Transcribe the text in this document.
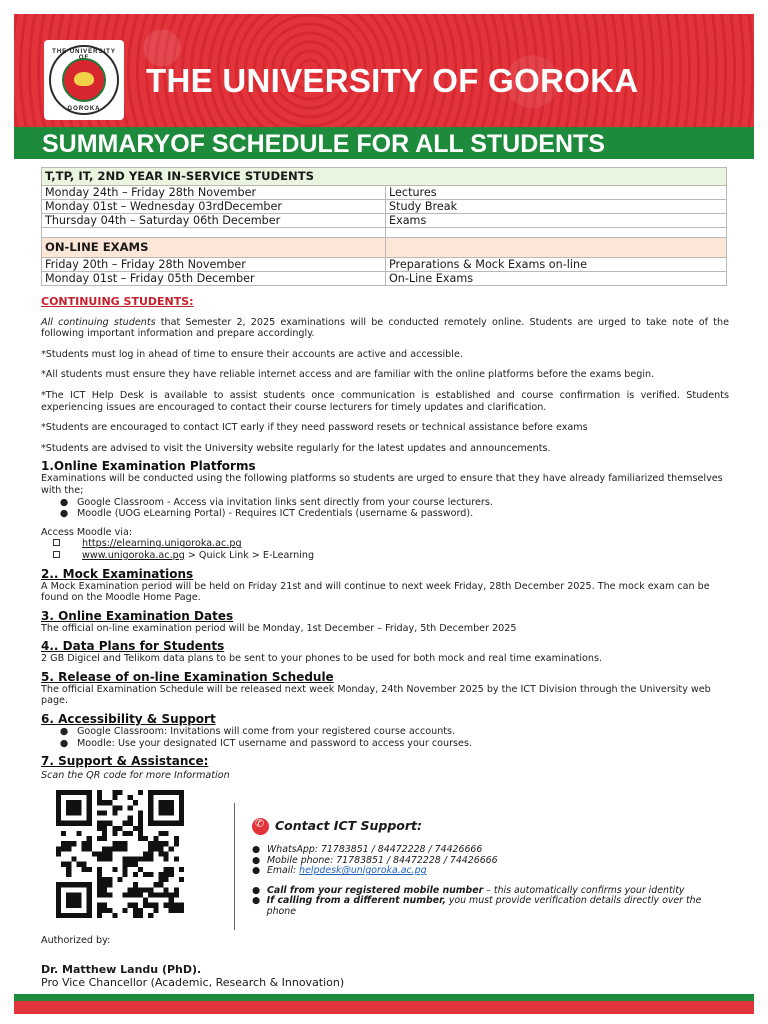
THE UNIVERSITY
GOROKA
THE UNIVERSITY OF GOROKA
SUMMARYOF SCHEDULE FOR ALL STUDENTS
T,TP, IT, 2ND YEAR IN-SERVICE STUDENTS	
Monday 24th – Friday 28th November	Lectures
Monday 01st – Wednesday 03rdDecember	Study Break
Thursday 04th – Saturday 06th December	Exams

ON-LINE EXAMS	
Friday 20th – Friday 28th November	Preparations & Mock Exams on-line
Monday 01st – Friday 05th December	On-Line Exams
CONTINUING STUDENTS:

All continuing students that Semester 2, 2025 examinations will be conducted remotely online. Students are urged to take note of the following important information and prepare accordingly.

*Students must log in ahead of time to ensure their accounts are active and accessible.

*All students must ensure they have reliable internet access and are familiar with the online platforms before the exams begin.

*The ICT Help Desk is available to assist students once communication is established and course confirmation is verified. Students experiencing issues are encouraged to contact their course lecturers for timely updates and clarification.

*Students are encouraged to contact ICT early if they need password resets or technical assistance before exams

*Students are advised to visit the University website regularly for the latest updates and announcements.

1.Online Examination Platforms

Examinations will be conducted using the following platforms so students are urged to ensure that they have already familiarized themselves with the;

● Google Classroom - Access via invitation links sent directly from your course lecturers.
● Moodle (UOG eLearning Portal) - Requires ICT Credentials (username & password).
Access Moodle via:
https://elearning.unigoroka.ac.pg
www.unigoroka.ac.pg > Quick Link > E-Learning
2.. Mock Examinations

A Mock Examination period will be held on Friday 21st and will continue to next week Friday, 28th December 2025. The mock exam can be found on the Moodle Home Page.

3. Online Examination Dates

The official on-line examination period will be Monday, 1st December – Friday, 5th December 2025

4.. Data Plans for Students

2 GB Digicel and Telikom data plans to be sent to your phones to be used for both mock and real time examinations.

5. Release of on-line Examination Schedule

The official Examination Schedule will be released next week Monday, 24th November 2025 by the ICT Division through the University web page.

6. Accessibility & Support
● Google Classroom: Invitations will come from your registered course accounts.
● Moodle: Use your designated ICT username and password to access your courses.
7. Support & Assistance:

Scan the QR code for more Information

✆
Contact ICT Support:
● WhatsApp: 71783851 / 84472228 / 74426666
● Mobile phone: 71783851 / 84472228 / 74426666
● Email: helpdesk@unigoroka.ac.pg
● Call from your registered mobile number – this automatically confirms your identity
● If calling from a different number, you must provide verification details directly over the phone
Authorized by:
Dr. Matthew Landu (PhD).
Pro Vice Chancellor (Academic, Research & Innovation)
